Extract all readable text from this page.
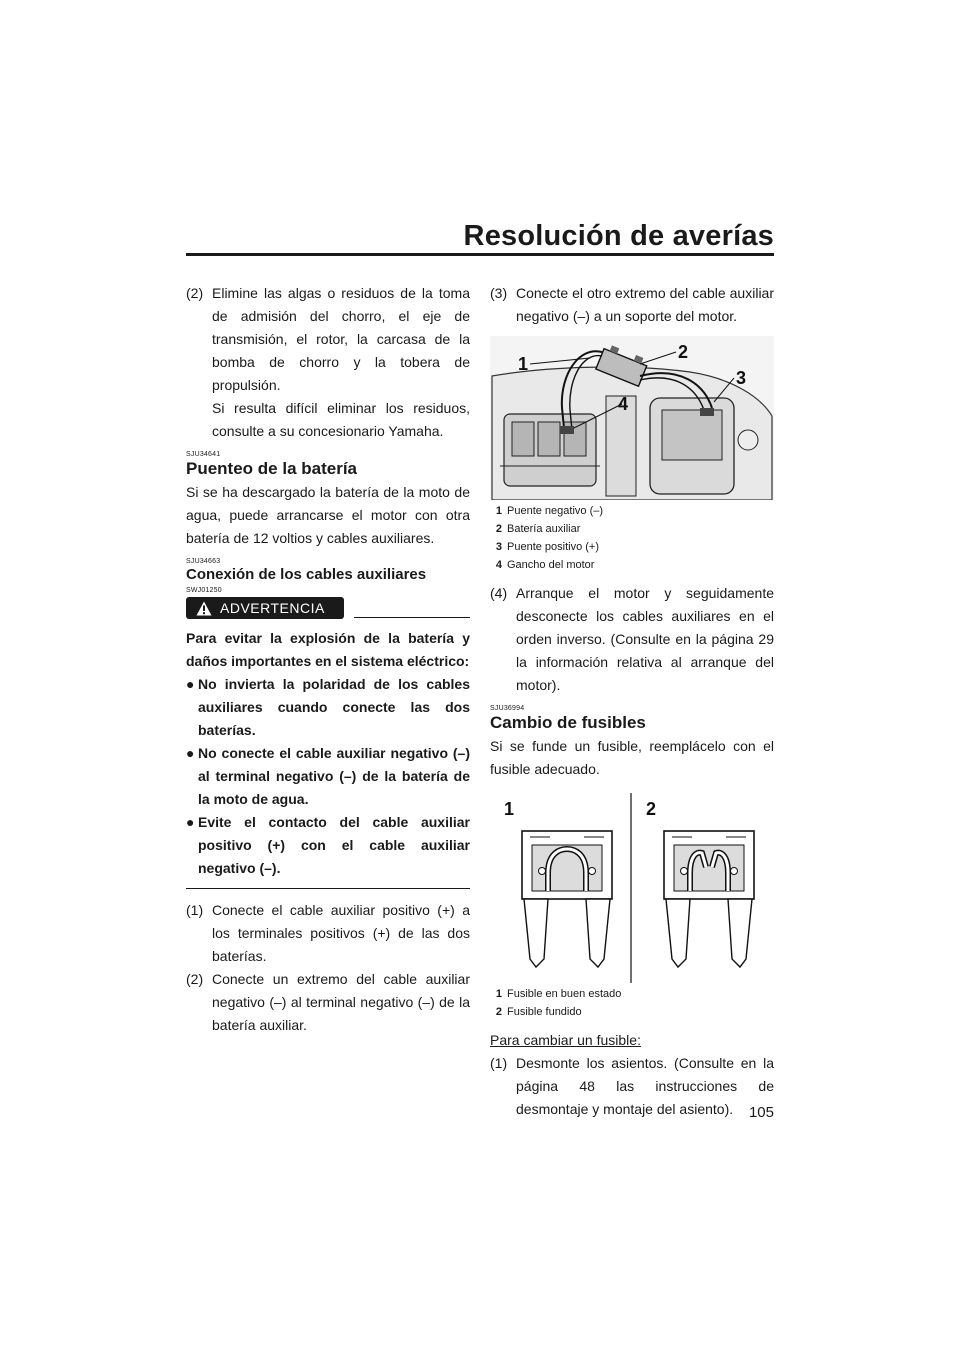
Resolución de averías
(2) Elimine las algas o residuos de la toma de admisión del chorro, el eje de transmisión, el rotor, la carcasa de la bomba de chorro y la tobera de propulsión.
Si resulta difícil eliminar los residuos, consulte a su concesionario Yamaha.
SJU34641
Puenteo de la batería

Si se ha descargado la batería de la moto de agua, puede arrancarse el motor con otra batería de 12 voltios y cables auxiliares.

SJU34663
Conexión de los cables auxiliares
SWJ01250
ADVERTENCIA
Para evitar la explosión de la batería y daños importantes en el sistema eléctrico:
● No invierta la polaridad de los cables auxiliares cuando conecte las dos baterías.
● No conecte el cable auxiliar negativo (–) al terminal negativo (–) de la batería de la moto de agua.
● Evite el contacto del cable auxiliar positivo (+) con el cable auxiliar negativo (–).
(1) Conecte el cable auxiliar positivo (+) a los terminales positivos (+) de las dos baterías.
(2) Conecte un extremo del cable auxiliar negativo (–) al terminal negativo (–) de la batería auxiliar.
(3) Conecte el otro extremo del cable auxiliar negativo (–) a un soporte del motor.
1
2
3
4
1 Puente negativo (–)
2 Batería auxiliar
3 Puente positivo (+)
4 Gancho del motor
(4) Arranque el motor y seguidamente desconecte los cables auxiliares en el orden inverso. (Consulte en la página 29 la información relativa al arranque del motor).
SJU36994
Cambio de fusibles

Si se funde un fusible, reemplácelo con el fusible adecuado.

1	2
1 Fusible en buen estado
2 Fusible fundido
Para cambiar un fusible:
(1) Desmonte los asientos. (Consulte en la página 48 las instrucciones de desmontaje y montaje del asiento).	105
